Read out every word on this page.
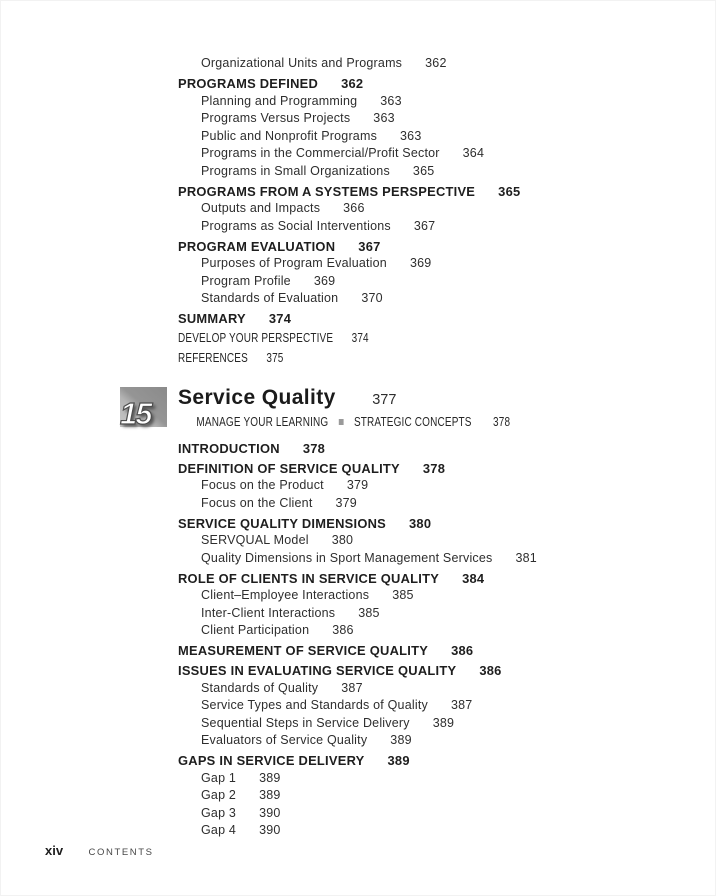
Organizational Units and Programs 362
PROGRAMS DEFINED 362
Planning and Programming 363
Programs Versus Projects 363
Public and Nonprofit Programs 363
Programs in the Commercial/Profit Sector 364
Programs in Small Organizations 365
PROGRAMS FROM A SYSTEMS PERSPECTIVE 365
Outputs and Impacts 366
Programs as Social Interventions 367
PROGRAM EVALUATION 367
Purposes of Program Evaluation 369
Program Profile 369
Standards of Evaluation 370
SUMMARY 374
DEVELOP YOUR PERSPECTIVE 374
REFERENCES 375
15 Service Quality	377
MANAGE YOUR LEARNING STRATEGIC CONCEPTS 378
INTRODUCTION 378
DEFINITION OF SERVICE QUALITY 378
Focus on the Product 379
Focus on the Client 379
SERVICE QUALITY DIMENSIONS 380
SERVQUAL Model 380
Quality Dimensions in Sport Management Services 381
ROLE OF CLIENTS IN SERVICE QUALITY 384
Client–Employee Interactions 385
Inter-Client Interactions 385
Client Participation 386
MEASUREMENT OF SERVICE QUALITY 386
ISSUES IN EVALUATING SERVICE QUALITY 386
Standards of Quality 387
Service Types and Standards of Quality 387
Sequential Steps in Service Delivery 389
Evaluators of Service Quality 389
GAPS IN SERVICE DELIVERY 389
Gap 1 389
Gap 2 389
Gap 3 390
Gap 4 390
xiv	CONTENTS
